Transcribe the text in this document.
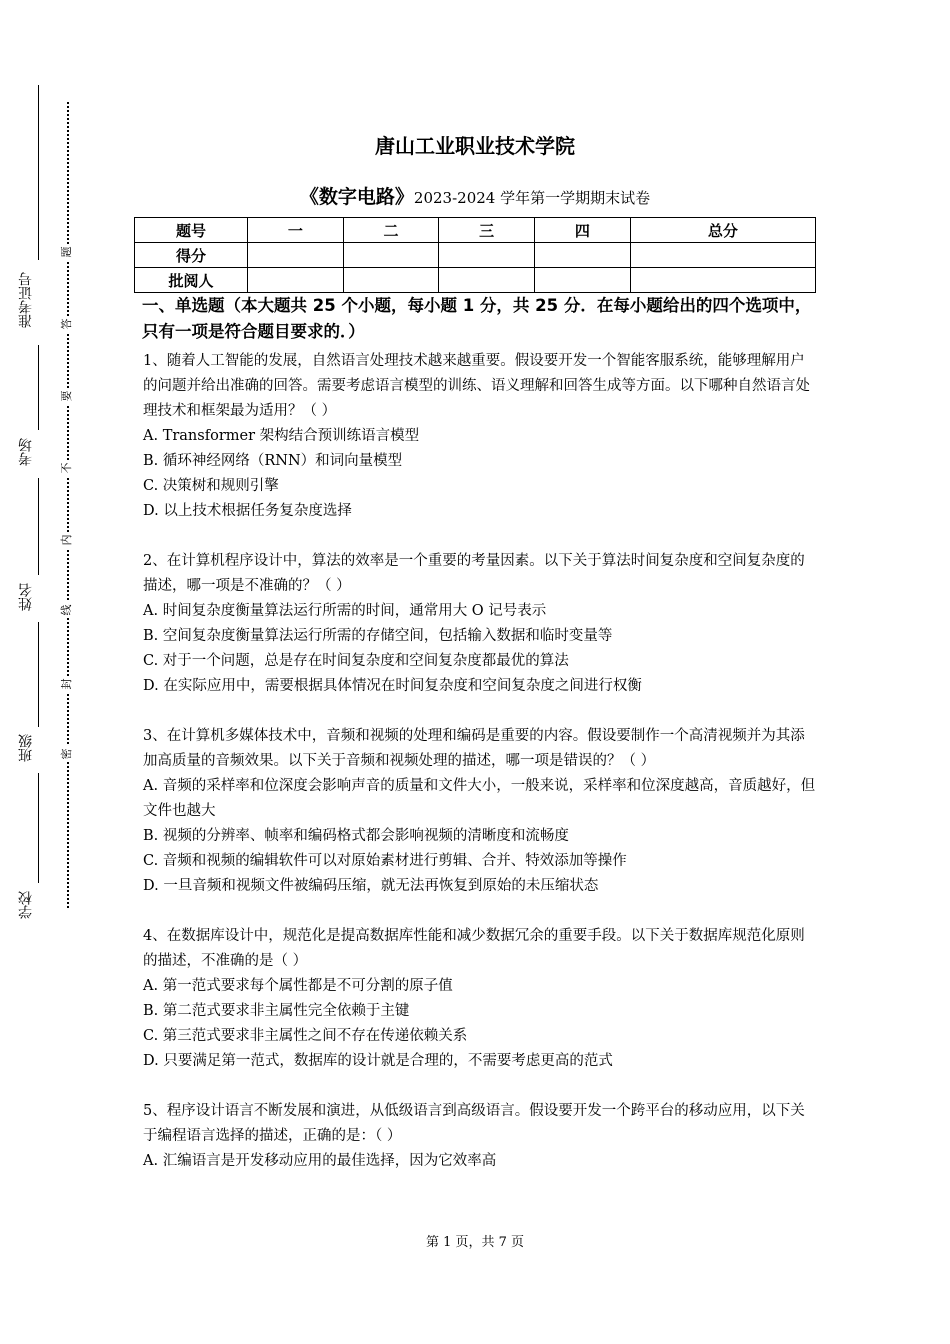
准考证号
考场
姓名
班级
学校
题
答
要
不
内
线
封
密
唐山工业职业技术学院
《数字电路》2023-2024 学年第一学期期末试卷
题号	一	二	三	四	总分
得分					
批阅人					
一、单选题（本大题共 25 个小题，每小题 1 分，共 25 分．在每小题给出的四个选项中，只有一项是符合题目要求的．）

1、随着人工智能的发展，自然语言处理技术越来越重要。假设要开发一个智能客服系统，能够理解用户的问题并给出准确的回答。需要考虑语言模型的训练、语义理解和回答生成等方面。以下哪种自然语言处理技术和框架最为适用？（ ）

A. Transformer 架构结合预训练语言模型

B. 循环神经网络（RNN）和词向量模型

C. 决策树和规则引擎

D. 以上技术根据任务复杂度选择

2、在计算机程序设计中，算法的效率是一个重要的考量因素。以下关于算法时间复杂度和空间复杂度的描述，哪一项是不准确的？（ ）

A. 时间复杂度衡量算法运行所需的时间，通常用大 O 记号表示

B. 空间复杂度衡量算法运行所需的存储空间，包括输入数据和临时变量等

C. 对于一个问题，总是存在时间复杂度和空间复杂度都最优的算法

D. 在实际应用中，需要根据具体情况在时间复杂度和空间复杂度之间进行权衡

3、在计算机多媒体技术中，音频和视频的处理和编码是重要的内容。假设要制作一个高清视频并为其添加高质量的音频效果。以下关于音频和视频处理的描述，哪一项是错误的？（ ）

A. 音频的采样率和位深度会影响声音的质量和文件大小，一般来说，采样率和位深度越高，音质越好，但文件也越大

B. 视频的分辨率、帧率和编码格式都会影响视频的清晰度和流畅度

C. 音频和视频的编辑软件可以对原始素材进行剪辑、合并、特效添加等操作

D. 一旦音频和视频文件被编码压缩，就无法再恢复到原始的未压缩状态

4、在数据库设计中，规范化是提高数据库性能和减少数据冗余的重要手段。以下关于数据库规范化原则的描述，不准确的是（ ）

A. 第一范式要求每个属性都是不可分割的原子值

B. 第二范式要求非主属性完全依赖于主键

C. 第三范式要求非主属性之间不存在传递依赖关系

D. 只要满足第一范式，数据库的设计就是合理的，不需要考虑更高的范式

5、程序设计语言不断发展和演进，从低级语言到高级语言。假设要开发一个跨平台的移动应用，以下关于编程语言选择的描述，正确的是：（ ）

A. 汇编语言是开发移动应用的最佳选择，因为它效率高

第 1 页，共 7 页
